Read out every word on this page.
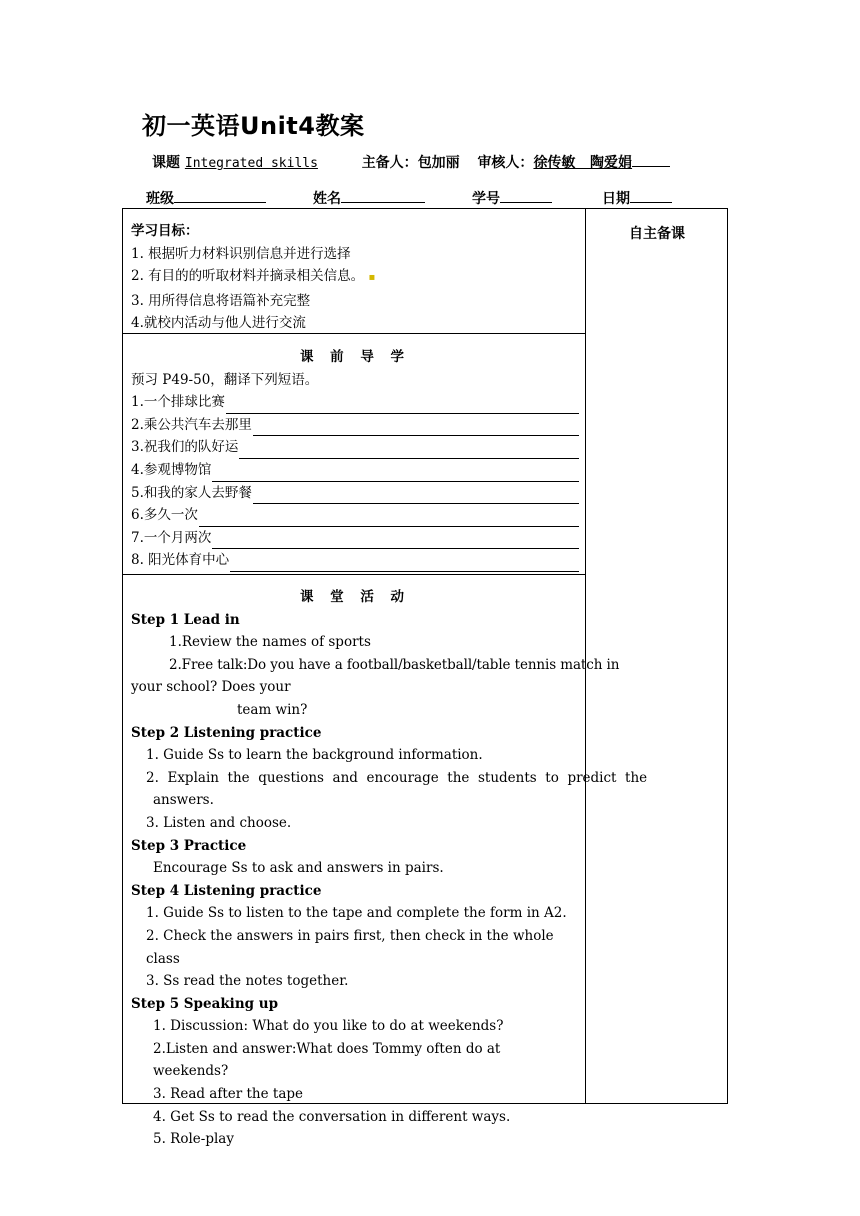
初一英语Unit4教案
课题 Integrated skills	主备人：包加丽 审核人：徐传敏   陶爱娟
班级	姓名	学号	日期
自主备课
学习目标：
1. 根据听力材料识别信息并进行选择
2. 有目的的听取材料并摘录相关信息。 ▪
3. 用所得信息将语篇补充完整
4.就校内活动与他人进行交流
课 前 导 学
预习 P49-50，翻译下列短语。
1.一个排球比赛
2.乘公共汽车去那里
3.祝我们的队好运
4.参观博物馆
5.和我的家人去野餐
6.多久一次
7.一个月两次
8. 阳光体育中心
课 堂 活 动
Step 1 Lead in
1.Review the names of sports
2.Free talk:Do you have a football/basketball/table tennis match in
your school? Does your
team win?
Step 2 Listening practice
1. Guide Ss to learn the background information.
2.  Explain  the  questions  and  encourage  the  students  to  predict  the
answers.
3. Listen and choose.
Step 3 Practice
Encourage Ss to ask and answers in pairs.
Step 4 Listening practice
1. Guide Ss to listen to the tape and complete the form in A2.
2. Check the answers in pairs first, then check in the whole class
3. Ss read the notes together.
Step 5 Speaking up
1. Discussion: What do you like to do at weekends?
2.Listen and answer:What does Tommy often do at weekends?
3. Read after the tape
4. Get Ss to read the conversation in different ways.
5. Role-play
